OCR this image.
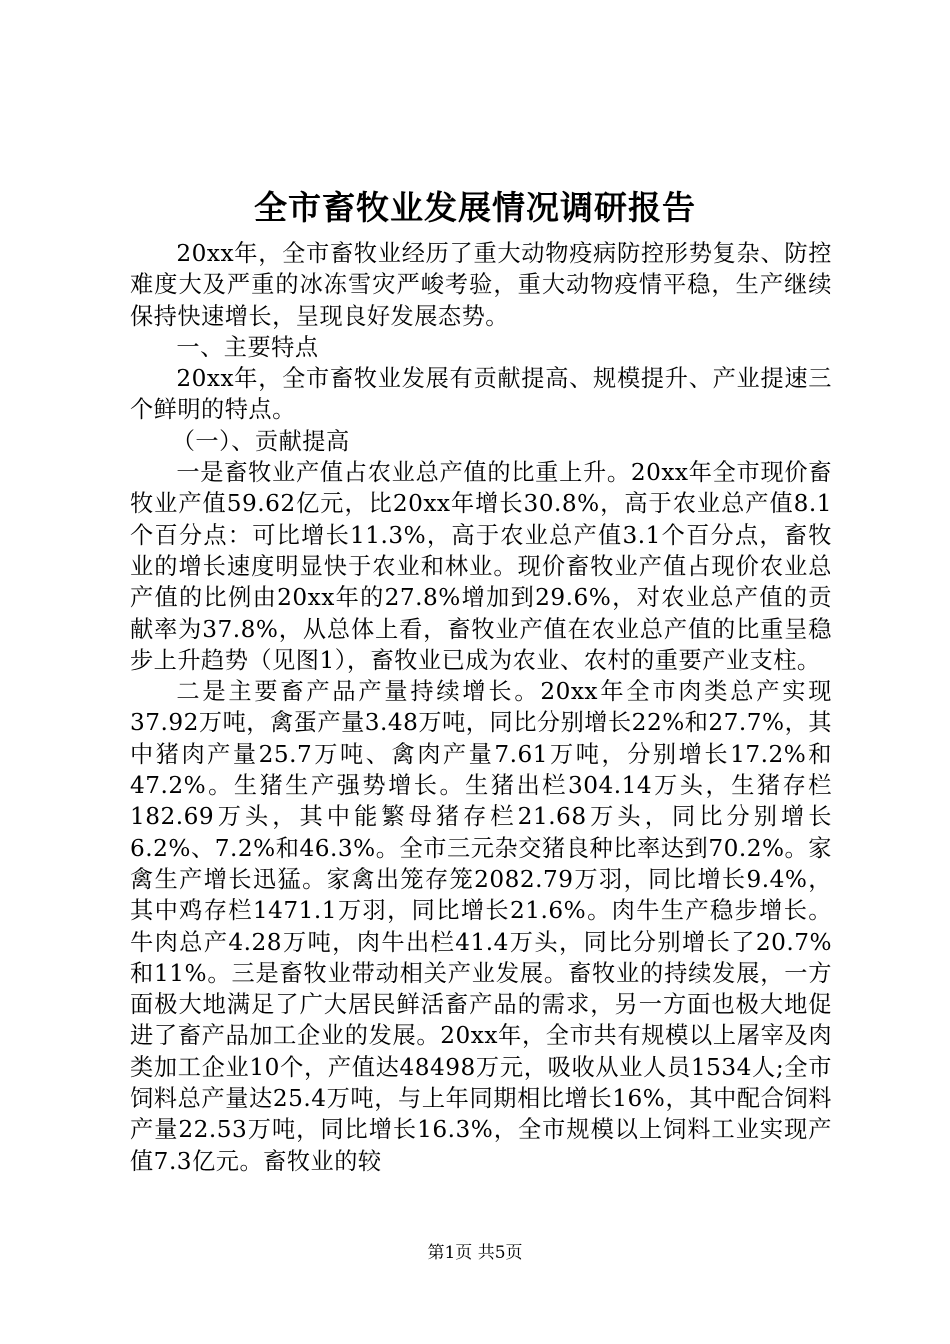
全市畜牧业发展情况调研报告

20xx年，全市畜牧业经历了重大动物疫病防控形势复杂、防控难度大及严重的冰冻雪灾严峻考验，重大动物疫情平稳，生产继续保持快速增长，呈现良好发展态势。

一、主要特点

20xx年，全市畜牧业发展有贡献提高、规模提升、产业提速三个鲜明的特点。

（一）、贡献提高

一是畜牧业产值占农业总产值的比重上升。20xx年全市现价畜牧业产值59.62亿元，比20xx年增长30.8%，高于农业总产值8.1个百分点：可比增长11.3%，高于农业总产值3.1个百分点，畜牧业的增长速度明显快于农业和林业。现价畜牧业产值占现价农业总产值的比例由20xx年的27.8%增加到29.6%，对农业总产值的贡献率为37.8%，从总体上看，畜牧业产值在农业总产值的比重呈稳步上升趋势（见图1），畜牧业已成为农业、农村的重要产业支柱。

二是主要畜产品产量持续增长。20xx年全市肉类总产实现37.92万吨，禽蛋产量3.48万吨，同比分别增长22%和27.7%，其中猪肉产量25.7万吨、禽肉产量7.61万吨，分别增长17.2%和47.2%。生猪生产强势增长。生猪出栏304.14万头，生猪存栏182.69万头，其中能繁母猪存栏21.68万头，同比分别增长6.2%、7.2%和46.3%。全市三元杂交猪良种比率达到70.2%。家禽生产增长迅猛。家禽出笼存笼2082.79万羽，同比增长9.4%，其中鸡存栏1471.1万羽，同比增长21.6%。肉牛生产稳步增长。牛肉总产4.28万吨，肉牛出栏41.4万头，同比分别增长了20.7%和11%。三是畜牧业带动相关产业发展。畜牧业的持续发展，一方面极大地满足了广大居民鲜活畜产品的需求，另一方面也极大地促进了畜产品加工企业的发展。20xx年，全市共有规模以上屠宰及肉类加工企业10个，产值达48498万元，吸收从业人员1534人;全市饲料总产量达25.4万吨，与上年同期相比增长16%，其中配合饲料产量22.53万吨，同比增长16.3%，全市规模以上饲料工业实现产值7.3亿元。畜牧业的较

第1页 共5页
